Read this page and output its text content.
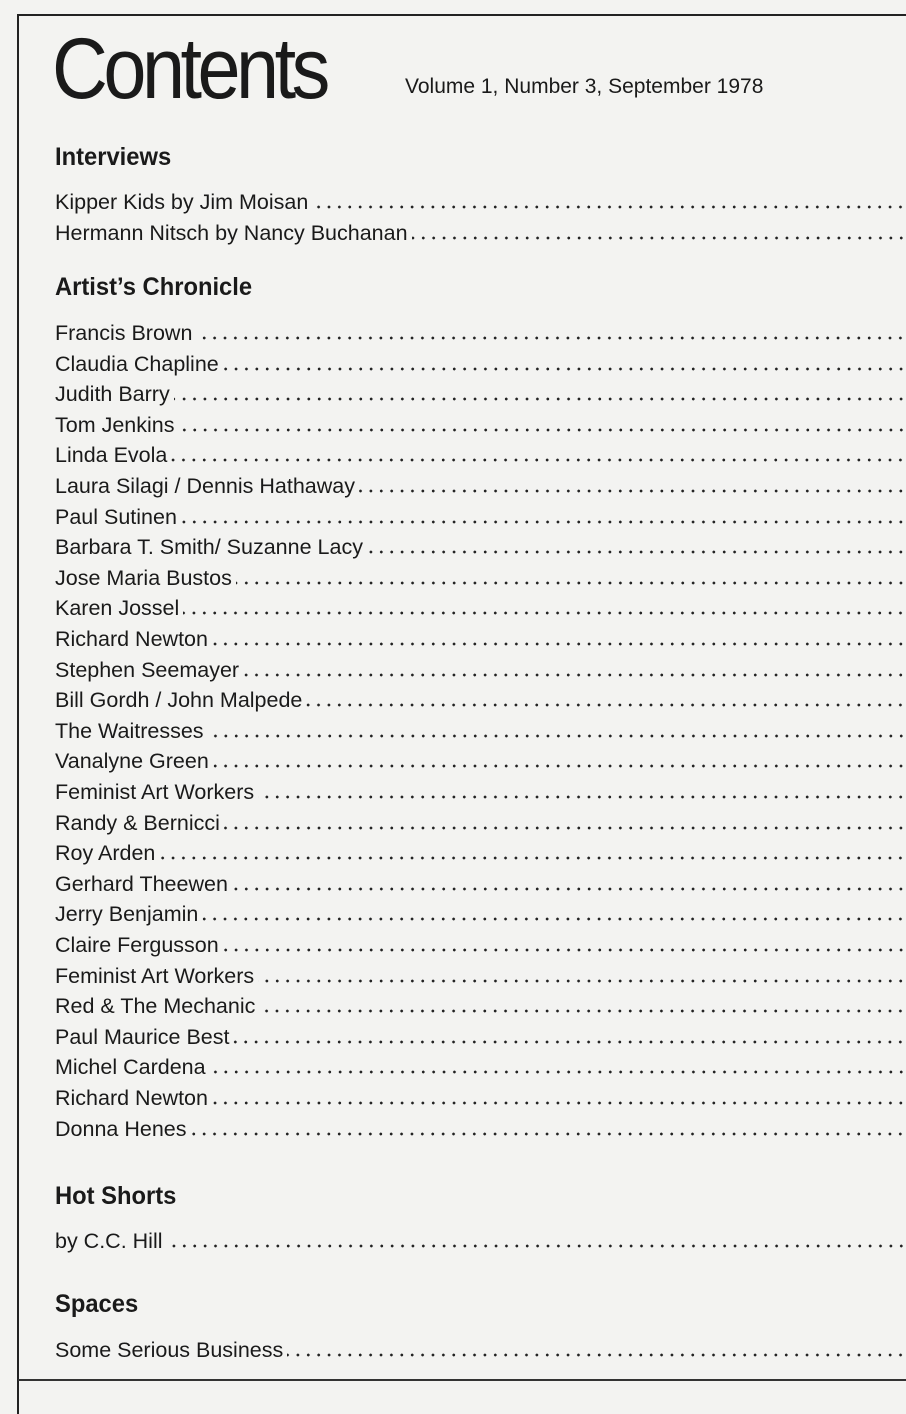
Contents	Volume 1, Number 3, September 1978
Interviews
Kipper Kids by Jim Moisan
Hermann Nitsch by Nancy Buchanan
Artist’s Chronicle
Francis Brown
Claudia Chapline
Judith Barry
Tom Jenkins
Linda Evola
Laura Silagi / Dennis Hathaway
Paul Sutinen
Barbara T. Smith/ Suzanne Lacy
Jose Maria Bustos
Karen Jossel
Richard Newton
Stephen Seemayer
Bill Gordh / John Malpede
The Waitresses
Vanalyne Green
Feminist Art Workers
Randy & Bernicci
Roy Arden
Gerhard Theewen
Jerry Benjamin
Claire Fergusson
Feminist Art Workers
Red & The Mechanic
Paul Maurice Best
Michel Cardena
Richard Newton
Donna Henes
Hot Shorts
by C.C. Hill
Spaces
Some Serious Business
